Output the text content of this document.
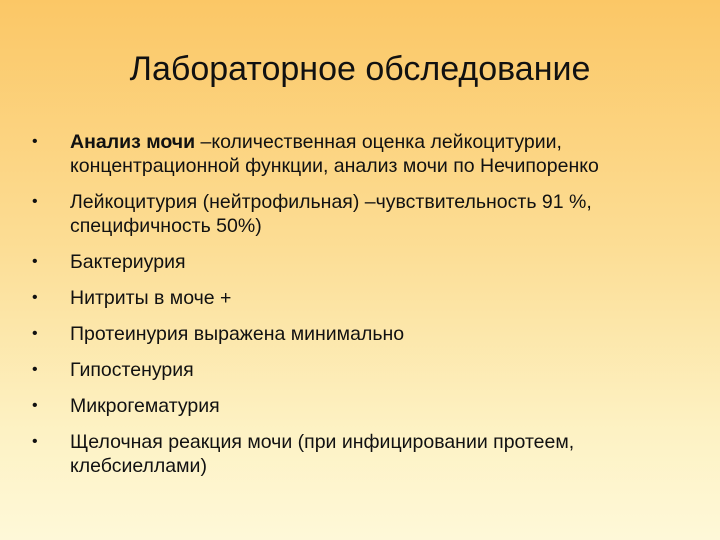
Лабораторное обследование
• Анализ мочи –количественная оценка лейкоцитурии, концентрационной функции, анализ мочи по Нечипоренко
• Лейкоцитурия (нейтрофильная) –чувствительность 91 %, специфичность 50%)
• Бактериурия
• Нитриты в моче +
• Протеинурия выражена минимально
• Гипостенурия
• Микрогематурия
• Щелочная реакция мочи (при инфицировании протеем, клебсиеллами)
